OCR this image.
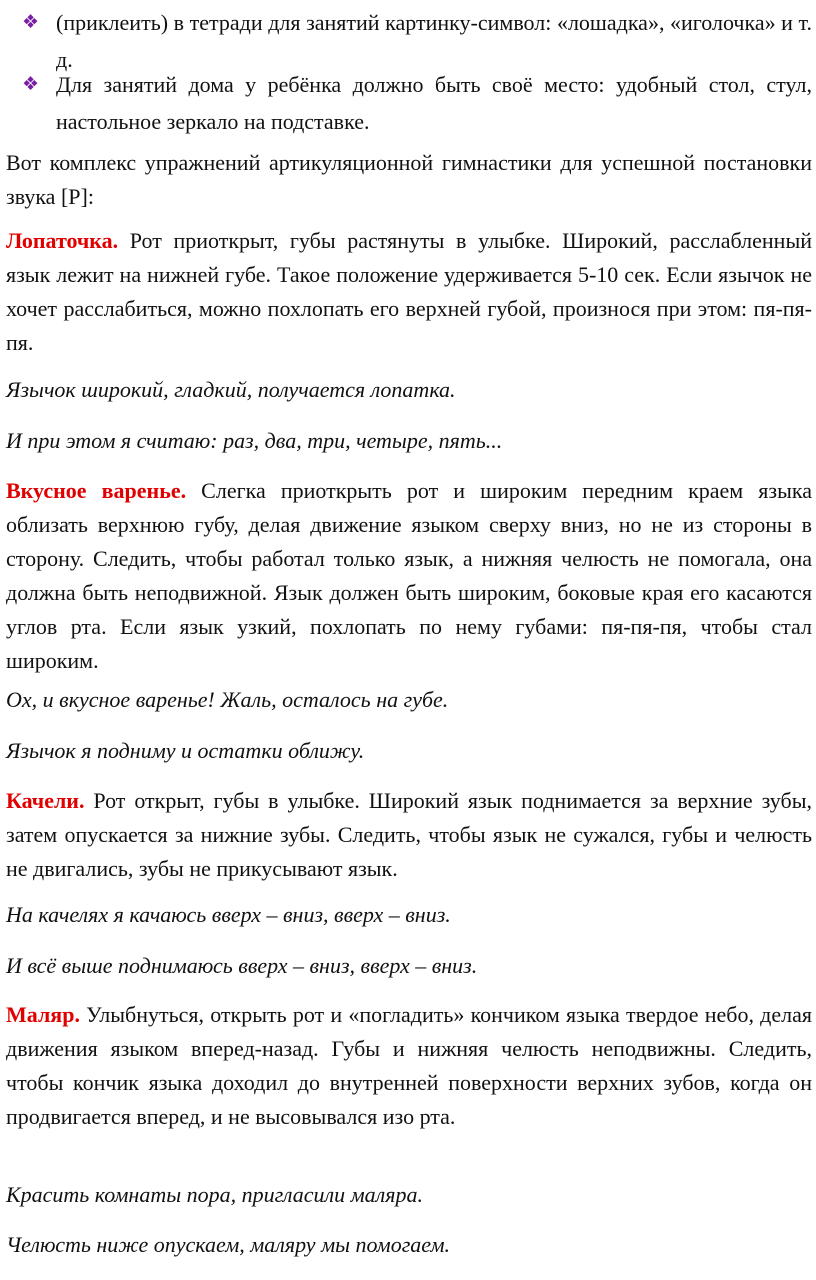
❖ (приклеить) в тетради для занятий картинку-символ: «лошадка», «иголочка» и т. д.
❖ Для занятий дома у ребёнка должно быть своё место: удобный стол, стул, настольное зеркало на подставке.

Вот комплекс упражнений артикуляционной гимнастики для успешной постановки звука [Р]:

Лопаточка. Рот приоткрыт, губы растянуты в улыбке. Широкий, расслабленный язык лежит на нижней губе. Такое положение удерживается 5-10 сек. Если язычок не хочет расслабиться, можно похлопать его верхней губой, произнося при этом: пя-пя-пя.

Язычок широкий, гладкий, получается лопатка.

И при этом я считаю: раз, два, три, четыре, пять...

Вкусное варенье. Слегка приоткрыть рот и широким передним краем языка облизать верхнюю губу, делая движение языком сверху вниз, но не из стороны в сторону. Следить, чтобы работал только язык, а нижняя челюсть не помогала, она должна быть неподвижной. Язык должен быть широким, боковые края его касаются углов рта. Если язык узкий, похлопать по нему губами: пя-пя-пя, чтобы стал широким.

Ох, и вкусное варенье! Жаль, осталось на губе.

Язычок я подниму и остатки оближу.

Качели. Рот открыт, губы в улыбке. Широкий язык поднимается за верхние зубы, затем опускается за нижние зубы. Следить, чтобы язык не сужался, губы и челюсть не двигались, зубы не прикусывают язык.

На качелях я качаюсь вверх – вниз, вверх – вниз.

И всё выше поднимаюсь вверх – вниз, вверх – вниз.

Маляр. Улыбнуться, открыть рот и «погладить» кончиком языка твердое небо, делая движения языком вперед-назад. Губы и нижняя челюсть неподвижны. Следить, чтобы кончик языка доходил до внутренней поверхности верхних зубов, когда он продвигается вперед, и не высовывался изо рта.

Красить комнаты пора, пригласили маляра.

Челюсть ниже опускаем, маляру мы помогаем.
